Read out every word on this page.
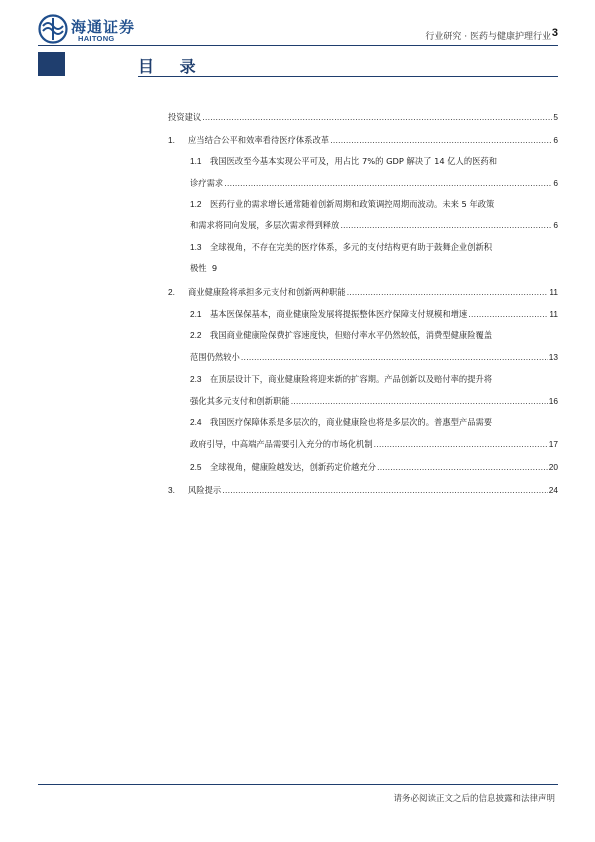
海通证券
HAITONG	行业研究 · 医药与健康护理行业 3
目 录
投资建议 .....	5
1. 应当结合公平和效率看待医疗体系改革 .....	6
1.1 我国医改至今基本实现公平可及，用占比 7%的 GDP 解决了 14 亿人的医药和
诊疗需求 .....	6
1.2 医药行业的需求增长通常随着创新周期和政策调控周期而波动。未来 5 年政策
和需求将同向发展，多层次需求得到释放 .....	6
1.3 全球视角，不存在完美的医疗体系，多元的支付结构更有助于鼓舞企业创新积
极性 9
2. 商业健康险将承担多元支付和创新两种职能 .....	11
2.1 基本医保保基本，商业健康险发展将提振整体医疗保障支付规模和增速 .....	11
2.2 我国商业健康险保费扩容速度快，但赔付率水平仍然较低，消费型健康险覆盖
范围仍然较小 .....	13
2.3 在顶层设计下，商业健康险将迎来新的扩容期。产品创新以及赔付率的提升将
强化其多元支付和创新职能 .....	16
2.4 我国医疗保障体系是多层次的，商业健康险也将是多层次的。普惠型产品需要
政府引导，中高端产品需要引入充分的市场化机制 .....	17
2.5 全球视角，健康险越发达，创新药定价越充分 .....	20
3. 风险提示 .....	24
请务必阅读正文之后的信息披露和法律声明
